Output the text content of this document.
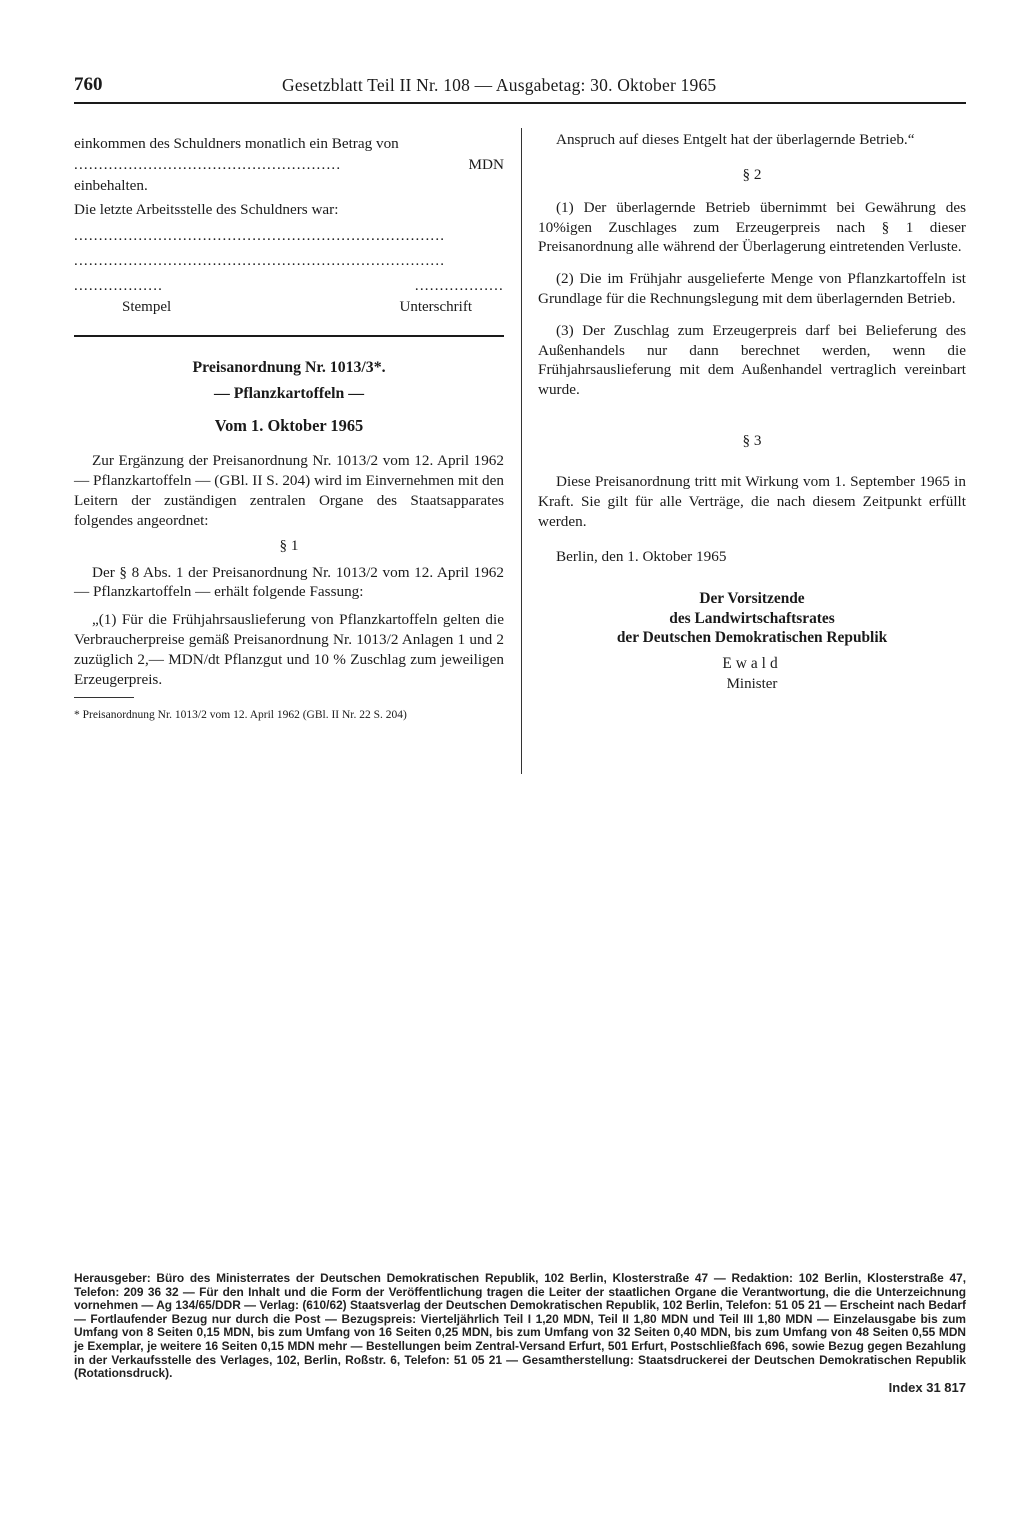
760	Gesetzblatt Teil II Nr. 108 — Ausgabetag: 30. Oktober 1965

einkommen des Schuldners monatlich ein Betrag von

......................................................	MDN

einbehalten.

Die letzte Arbeitsstelle des Schuldners war:

...........................................................................
...........................................................................
..................	..................
Stempel	Unterschrift

Preisanordnung Nr. 1013/3*.

— Pflanzkartoffeln —

Vom 1. Oktober 1965

Zur Ergänzung der Preisanordnung Nr. 1013/2 vom 12. April 1962 — Pflanzkartoffeln — (GBl. II S. 204) wird im Einvernehmen mit den Leitern der zuständigen zentralen Organe des Staatsapparates folgendes angeordnet:

§ 1

Der § 8 Abs. 1 der Preisanordnung Nr. 1013/2 vom 12. April 1962 — Pflanzkartoffeln — erhält folgende Fassung:

„(1) Für die Frühjahrsauslieferung von Pflanzkartoffeln gelten die Verbraucherpreise gemäß Preisanordnung Nr. 1013/2 Anlagen 1 und 2 zuzüglich 2,— MDN/dt Pflanzgut und 10 % Zuschlag zum jeweiligen Erzeugerpreis.

* Preisanordnung Nr. 1013/2 vom 12. April 1962 (GBl. II Nr. 22 S. 204)

Anspruch auf dieses Entgelt hat der überlagernde Betrieb.“

§ 2

(1) Der überlagernde Betrieb übernimmt bei Gewährung des 10%igen Zuschlages zum Erzeugerpreis nach § 1 dieser Preisanordnung alle während der Überlagerung eintretenden Verluste.

(2) Die im Frühjahr ausgelieferte Menge von Pflanzkartoffeln ist Grundlage für die Rechnungslegung mit dem überlagernden Betrieb.

(3) Der Zuschlag zum Erzeugerpreis darf bei Belieferung des Außenhandels nur dann berechnet werden, wenn die Frühjahrsauslieferung mit dem Außenhandel vertraglich vereinbart wurde.

§ 3

Diese Preisanordnung tritt mit Wirkung vom 1. September 1965 in Kraft. Sie gilt für alle Verträge, die nach diesem Zeitpunkt erfüllt werden.

Berlin, den 1. Oktober 1965

Der Vorsitzende

des Landwirtschaftsrates

der Deutschen Demokratischen Republik

Ewald

Minister

Herausgeber: Büro des Ministerrates der Deutschen Demokratischen Republik, 102 Berlin, Klosterstraße 47 — Redaktion: 102 Berlin, Klosterstraße 47, Telefon: 209 36 32 — Für den Inhalt und die Form der Veröffentlichung tragen die Leiter der staatlichen Organe die Verantwortung, die die Unterzeichnung vornehmen — Ag 134/65/DDR — Verlag: (610/62) Staatsverlag der Deutschen Demokratischen Republik, 102 Berlin, Telefon: 51 05 21 — Erscheint nach Bedarf — Fortlaufender Bezug nur durch die Post — Bezugspreis: Vierteljährlich Teil I 1,20 MDN, Teil II 1,80 MDN und Teil III 1,80 MDN — Einzelausgabe bis zum Umfang von 8 Seiten 0,15 MDN, bis zum Umfang von 16 Seiten 0,25 MDN, bis zum Umfang von 32 Seiten 0,40 MDN, bis zum Umfang von 48 Seiten 0,55 MDN je Exemplar, je weitere 16 Seiten 0,15 MDN mehr — Bestellungen beim Zentral-Versand Erfurt, 501 Erfurt, Postschließfach 696, sowie Bezug gegen Bezahlung in der Verkaufsstelle des Verlages, 102, Berlin, Roßstr. 6, Telefon: 51 05 21 — Gesamtherstellung: Staatsdruckerei der Deutschen Demokratischen Republik (Rotationsdruck).
Index 31 817
